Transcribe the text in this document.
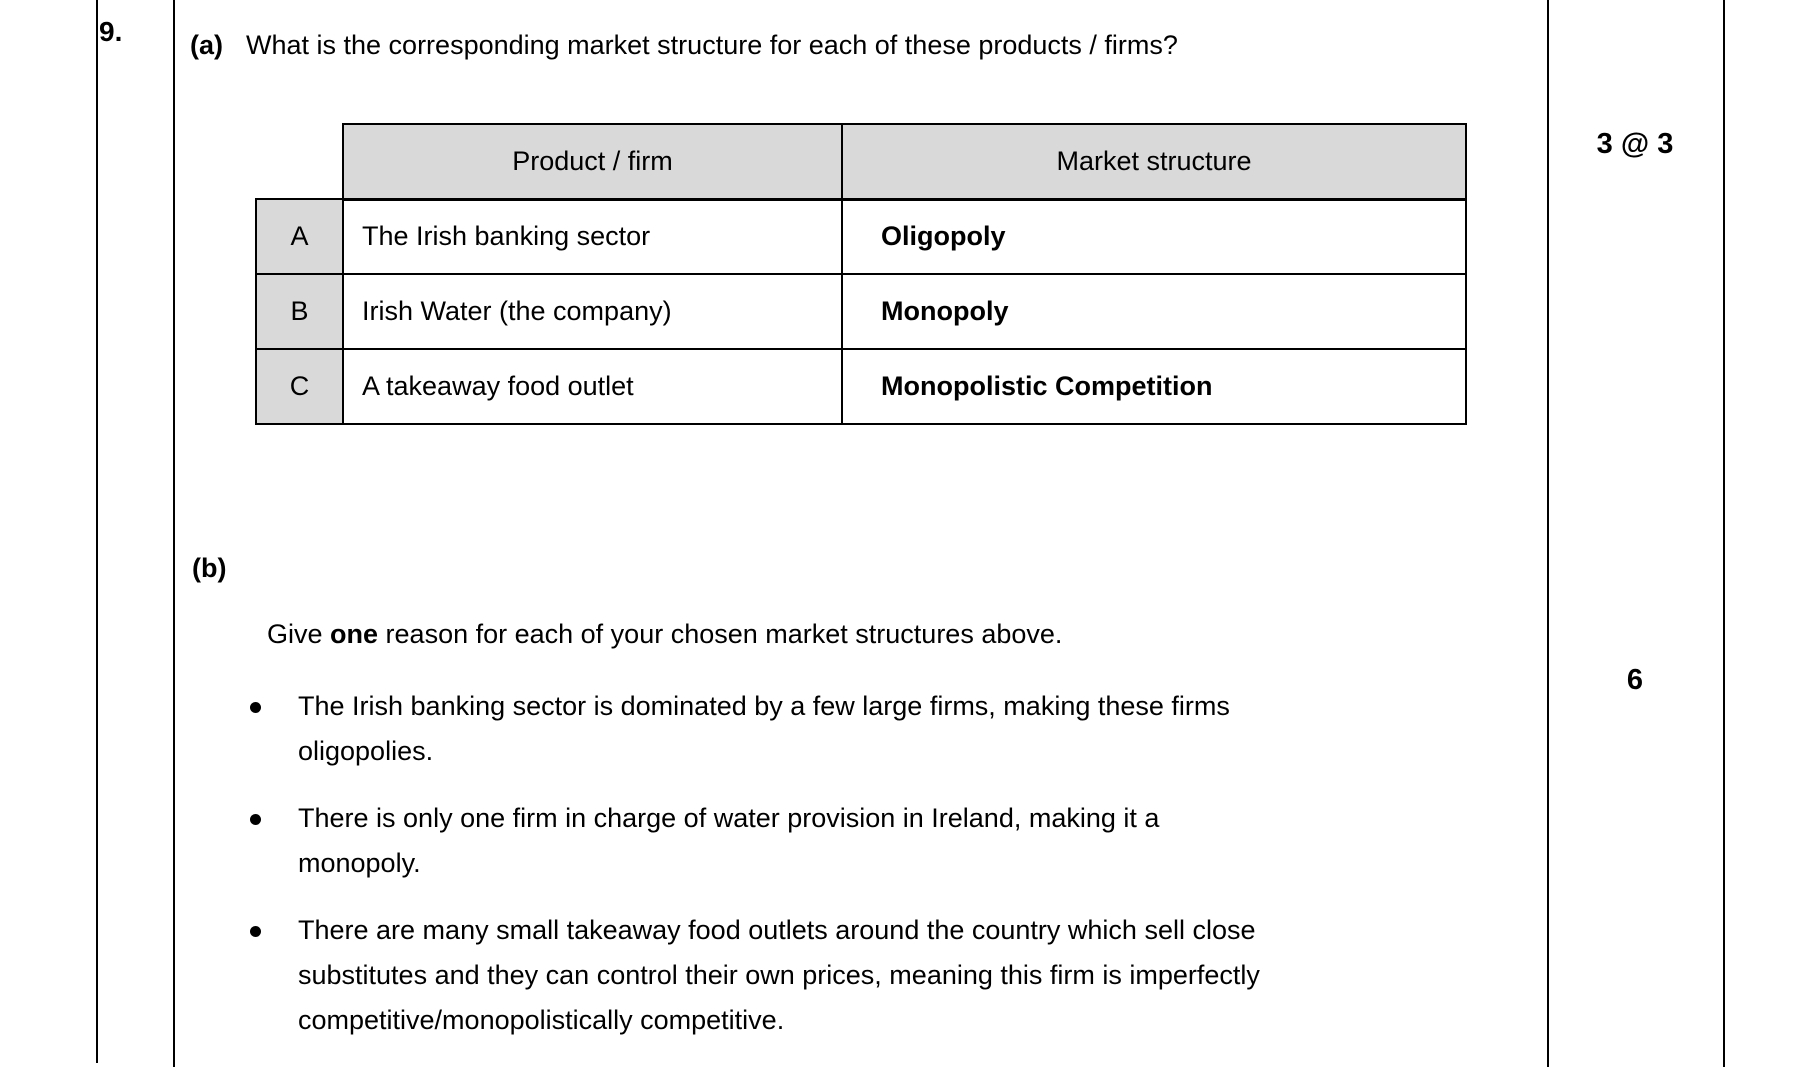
9.	(a) What is the corresponding market structure for each of these products / firms?
	Product / firm	Market structure
A	The Irish banking sector	Oligopoly
B	Irish Water (the company)	Monopoly
C	A takeaway food outlet	Monopolistic Competition
3 @ 3
(b)
Give one reason for each of your chosen market structures above.
The Irish banking sector is dominated by a few large firms, making these firms
oligopolies.
There is only one firm in charge of water provision in Ireland, making it a
monopoly.
There are many small takeaway food outlets around the country which sell close
substitutes and they can control their own prices, meaning this firm is imperfectly
competitive/monopolistically competitive.
6
